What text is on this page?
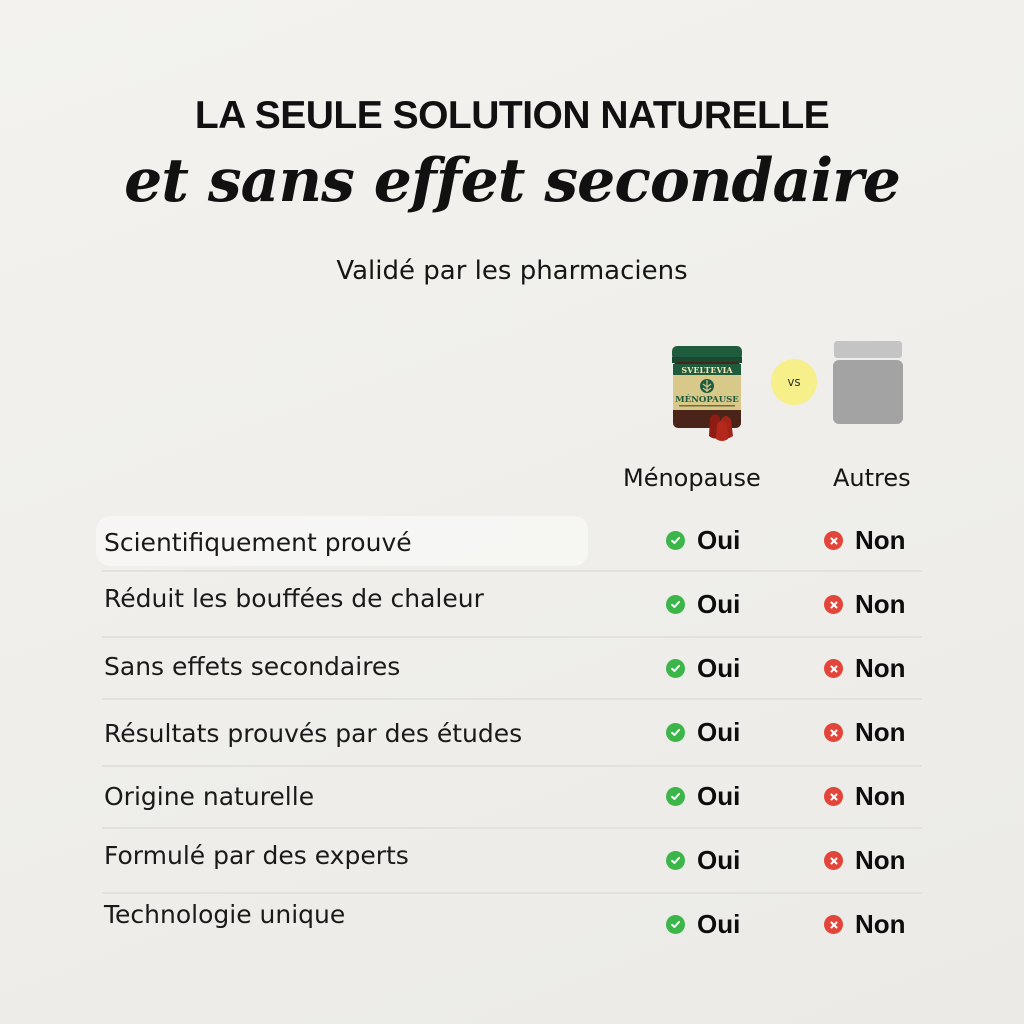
LA SEULE SOLUTION NATURELLE
et sans effet secondaire
Validé par les pharmaciens
SVELTEVIA
MÉNOPAUSE
vs
Ménopause	Autres
Scientifiquement prouvé	Oui	Non
Réduit les bouffées de chaleur	Oui	Non
Sans effets secondaires	Oui	Non
Résultats prouvés par des études	Oui	Non
Origine naturelle	Oui	Non
Formulé par des experts	Oui	Non
Technologie unique	Oui	Non
